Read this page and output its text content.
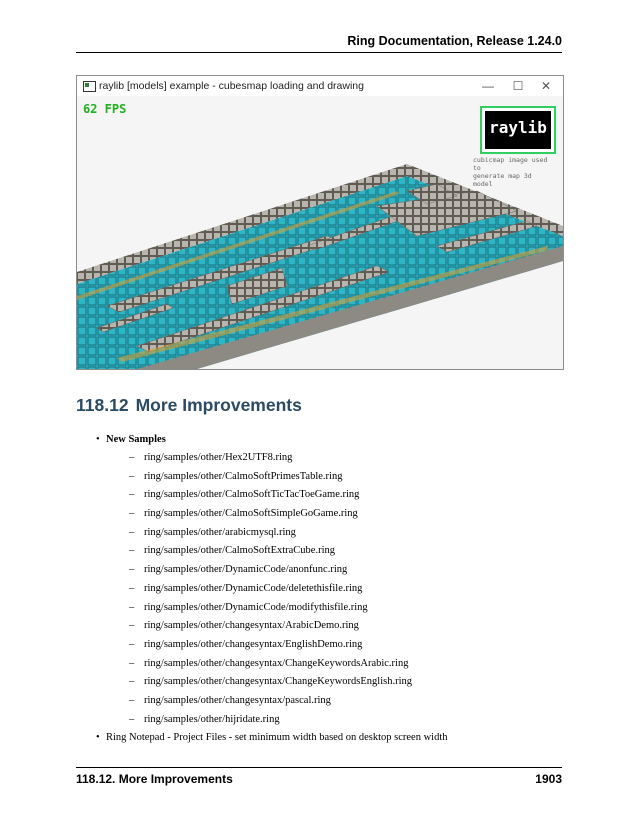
Ring Documentation, Release 1.24.0
raylib [models] example - cubesmap loading and drawing	—	☐	✕
62 FPS
raylib
cubicmap image used to
generate map 3d model
118.12 More Improvements
• New Samples
– ring/samples/other/Hex2UTF8.ring
– ring/samples/other/CalmoSoftPrimesTable.ring
– ring/samples/other/CalmoSoftTicTacToeGame.ring
– ring/samples/other/CalmoSoftSimpleGoGame.ring
– ring/samples/other/arabicmysql.ring
– ring/samples/other/CalmoSoftExtraCube.ring
– ring/samples/other/DynamicCode/anonfunc.ring
– ring/samples/other/DynamicCode/deletethisfile.ring
– ring/samples/other/DynamicCode/modifythisfile.ring
– ring/samples/other/changesyntax/ArabicDemo.ring
– ring/samples/other/changesyntax/EnglishDemo.ring
– ring/samples/other/changesyntax/ChangeKeywordsArabic.ring
– ring/samples/other/changesyntax/ChangeKeywordsEnglish.ring
– ring/samples/other/changesyntax/pascal.ring
– ring/samples/other/hijridate.ring
• Ring Notepad - Project Files - set minimum width based on desktop screen width
118.12. More Improvements	1903
